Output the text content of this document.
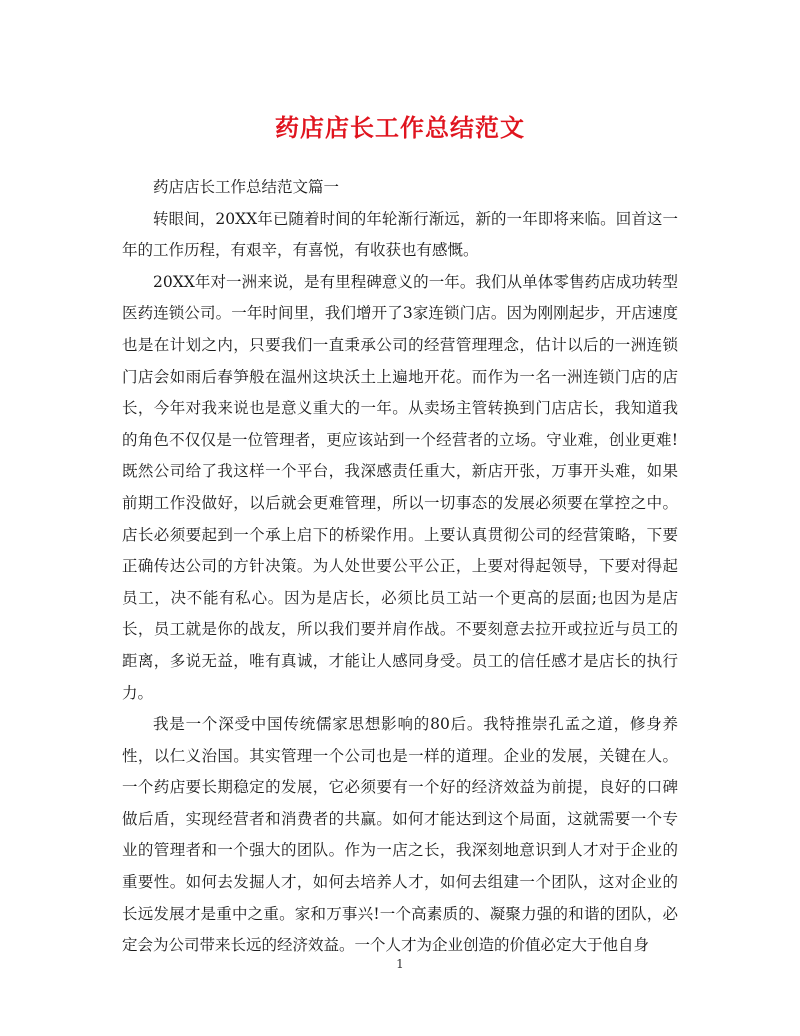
药店店长工作总结范文

药店店长工作总结范文篇一

转眼间，20XX年已随着时间的年轮渐行渐远，新的一年即将来临。回首这一年的工作历程，有艰辛，有喜悦，有收获也有感慨。

20XX年对一洲来说，是有里程碑意义的一年。我们从单体零售药店成功转型医药连锁公司。一年时间里，我们增开了3家连锁门店。因为刚刚起步，开店速度也是在计划之内，只要我们一直秉承公司的经营管理理念，估计以后的一洲连锁门店会如雨后春笋般在温州这块沃土上遍地开花。而作为一名一洲连锁门店的店长，今年对我来说也是意义重大的一年。从卖场主管转换到门店店长，我知道我的角色不仅仅是一位管理者，更应该站到一个经营者的立场。守业难，创业更难!既然公司给了我这样一个平台，我深感责任重大，新店开张，万事开头难，如果前期工作没做好，以后就会更难管理，所以一切事态的发展必须要在掌控之中。店长必须要起到一个承上启下的桥梁作用。上要认真贯彻公司的经营策略，下要正确传达公司的方针决策。为人处世要公平公正，上要对得起领导，下要对得起员工，决不能有私心。因为是店长，必须比员工站一个更高的层面;也因为是店长，员工就是你的战友，所以我们要并肩作战。不要刻意去拉开或拉近与员工的距离，多说无益，唯有真诚，才能让人感同身受。员工的信任感才是店长的执行力。

我是一个深受中国传统儒家思想影响的80后。我特推崇孔孟之道，修身养性，以仁义治国。其实管理一个公司也是一样的道理。企业的发展，关键在人。一个药店要长期稳定的发展，它必须要有一个好的经济效益为前提，良好的口碑做后盾，实现经营者和消费者的共赢。如何才能达到这个局面，这就需要一个专业的管理者和一个强大的团队。作为一店之长，我深刻地意识到人才对于企业的重要性。如何去发掘人才，如何去培养人才，如何去组建一个团队，这对企业的长远发展才是重中之重。家和万事兴!一个高素质的、凝聚力强的和谐的团队，必定会为公司带来长远的经济效益。一个人才为企业创造的价值必定大于他自身

1
